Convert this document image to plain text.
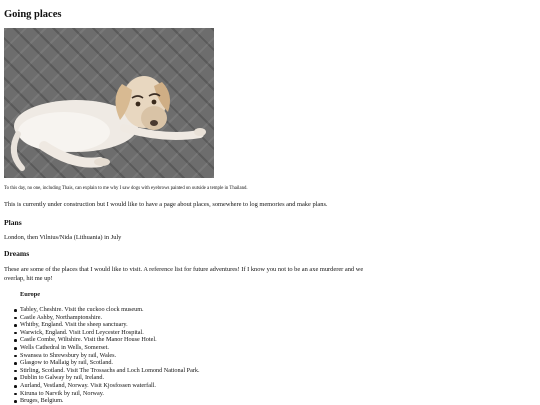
Going places
To this day, no one, including Thais, can explain to me why I saw dogs with eyebrows painted on outside a temple in Thailand.
This is currently under construction but I would like to have a page about places, somewhere to log memories and make plans.
Plans
London, then Vilnius/Nida (Lithuania) in July
Dreams
These are some of the places that I would like to visit. A reference list for future adventures! If I know you not to be an axe murderer and we overlap, hit me up!
Europe
Tabley, Cheshire. Visit the cuckoo clock museum.
Castle Ashby, Northamptonshire.
Whitby, England. Visit the sheep sanctuary.
Warwick, England. Visit Lord Leycester Hospital.
Castle Combe, Wiltshire. Visit the Manor House Hotel.
Wells Cathedral in Wells, Somerset.
Swansea to Shrewsbury by rail, Wales.
Glasgow to Mallaig by rail, Scotland.
Stirling, Scotland. Visit The Trossachs and Loch Lomond National Park.
Dublin to Galway by rail, Ireland.
Aurland, Vestland, Norway. Visit Kjosfossen waterfall.
Kiruna to Narvik by rail, Norway.
Bruges, Belgium.
